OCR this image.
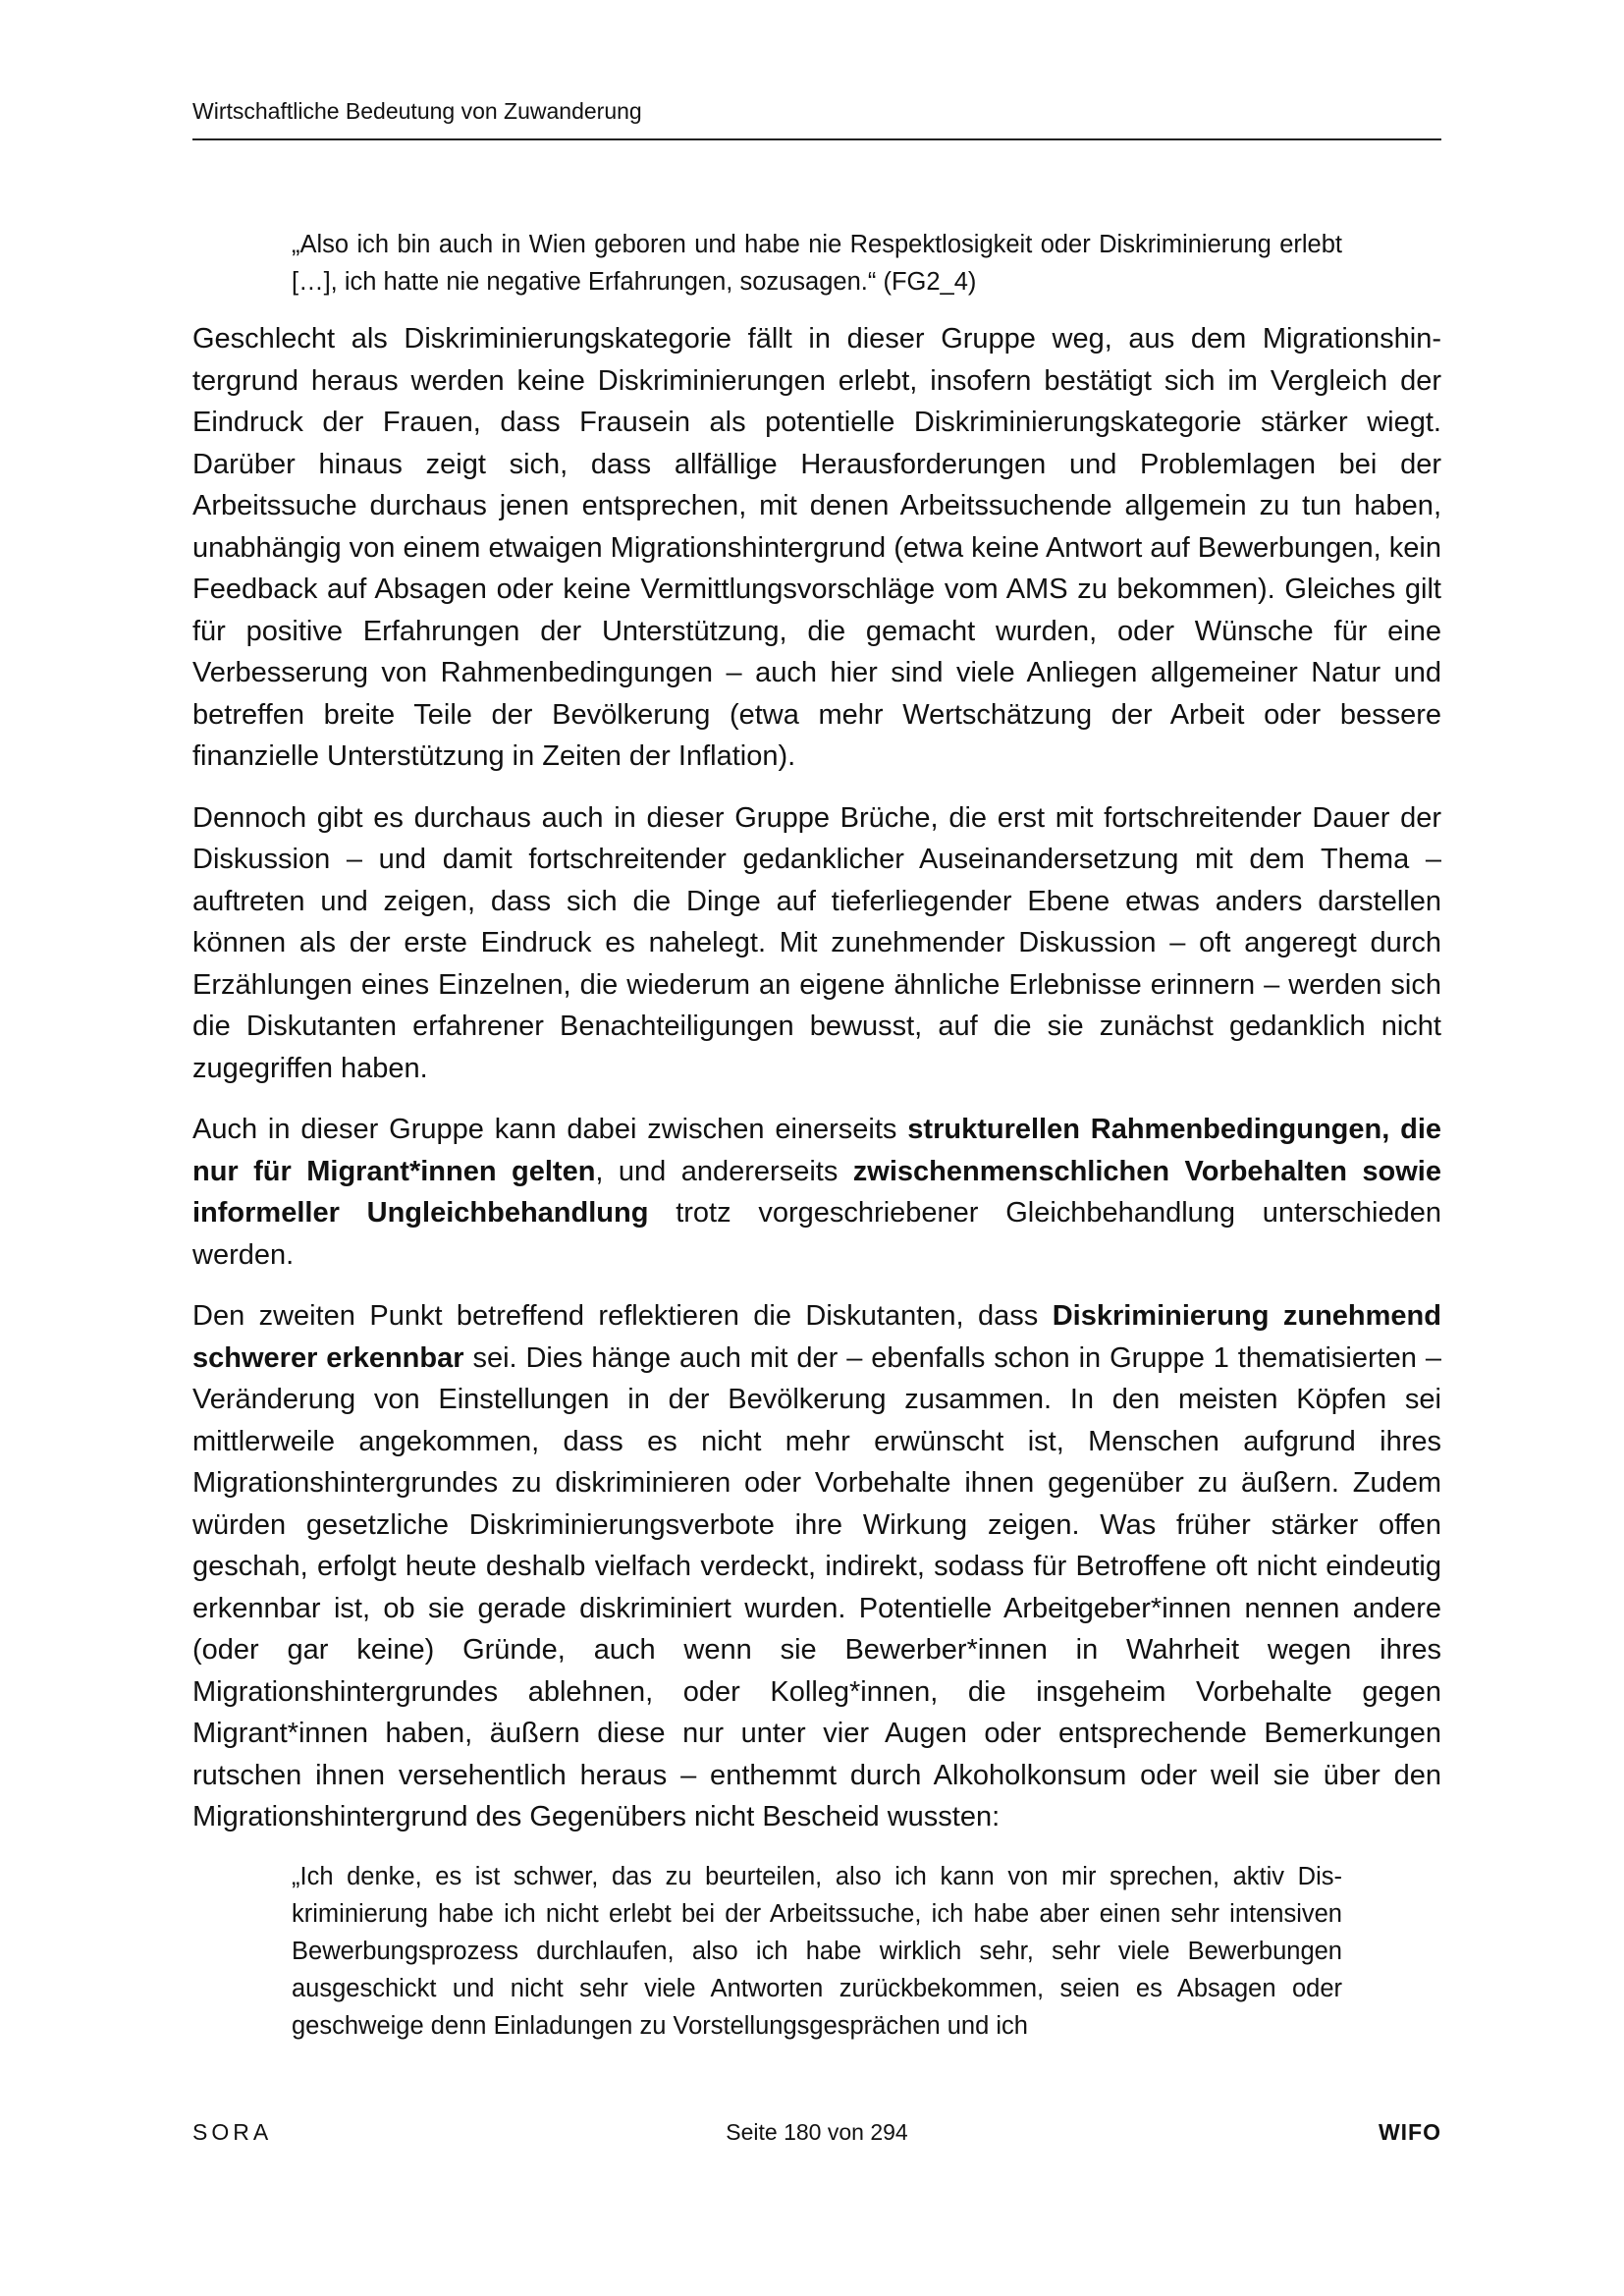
Wirtschaftliche Bedeutung von Zuwanderung
„Also ich bin auch in Wien geboren und habe nie Respektlosigkeit oder Diskriminierung erlebt […], ich hatte nie negative Erfahrungen, sozusagen.“ (FG2_4)

Geschlecht als Diskriminierungskategorie fällt in dieser Gruppe weg, aus dem Migrationshintergrund heraus werden keine Diskriminierungen erlebt, insofern bestätigt sich im Vergleich der Eindruck der Frauen, dass Frausein als potentielle Diskriminierungskategorie stärker wiegt. Darüber hinaus zeigt sich, dass allfällige Herausforderungen und Problemlagen bei der Arbeitssuche durchaus jenen entsprechen, mit denen Arbeitssuchende allgemein zu tun haben, unabhängig von einem etwaigen Migrationshintergrund (etwa keine Antwort auf Bewerbungen, kein Feedback auf Absagen oder keine Vermittlungsvorschläge vom AMS zu bekommen). Gleiches gilt für positive Erfahrungen der Unterstützung, die gemacht wurden, oder Wünsche für eine Verbesserung von Rahmenbedingungen – auch hier sind viele Anliegen allgemeiner Natur und betreffen breite Teile der Bevölkerung (etwa mehr Wertschätzung der Arbeit oder bessere finanzielle Unterstützung in Zeiten der Inflation).

Dennoch gibt es durchaus auch in dieser Gruppe Brüche, die erst mit fortschreitender Dauer der Diskussion – und damit fortschreitender gedanklicher Auseinandersetzung mit dem Thema – auftreten und zeigen, dass sich die Dinge auf tieferliegender Ebene etwas anders darstellen können als der erste Eindruck es nahelegt. Mit zunehmender Diskussion – oft angeregt durch Erzählungen eines Einzelnen, die wiederum an eigene ähnliche Erlebnisse erinnern – werden sich die Diskutanten erfahrener Benachteiligungen bewusst, auf die sie zunächst gedanklich nicht zugegriffen haben.

Auch in dieser Gruppe kann dabei zwischen einerseits strukturellen Rahmenbedingungen, die nur für Migrant*innen gelten, und andererseits zwischenmenschlichen Vorbehalten sowie informeller Ungleichbehandlung trotz vorgeschriebener Gleichbehandlung unterschieden werden.

Den zweiten Punkt betreffend reflektieren die Diskutanten, dass Diskriminierung zunehmend schwerer erkennbar sei. Dies hänge auch mit der – ebenfalls schon in Gruppe 1 thematisierten – Veränderung von Einstellungen in der Bevölkerung zusammen. In den meisten Köpfen sei mittlerweile angekommen, dass es nicht mehr erwünscht ist, Menschen aufgrund ihres Migrationshintergrundes zu diskriminieren oder Vorbehalte ihnen gegenüber zu äußern. Zudem würden gesetzliche Diskriminierungsverbote ihre Wirkung zeigen. Was früher stärker offen geschah, erfolgt heute deshalb vielfach verdeckt, indirekt, sodass für Betroffene oft nicht eindeutig erkennbar ist, ob sie gerade diskriminiert wurden. Potentielle Arbeitgeber*innen nennen andere (oder gar keine) Gründe, auch wenn sie Bewerber*innen in Wahrheit wegen ihres Migrationshintergrundes ablehnen, oder Kolleg*innen, die insgeheim Vorbehalte gegen Migrant*innen haben, äußern diese nur unter vier Augen oder entsprechende Bemerkungen rutschen ihnen versehentlich heraus – enthemmt durch Alkoholkonsum oder weil sie über den Migrationshintergrund des Gegenübers nicht Bescheid wussten:

„Ich denke, es ist schwer, das zu beurteilen, also ich kann von mir sprechen, aktiv Diskriminierung habe ich nicht erlebt bei der Arbeitssuche, ich habe aber einen sehr intensiven Bewerbungsprozess durchlaufen, also ich habe wirklich sehr, sehr viele Bewerbungen ausgeschickt und nicht sehr viele Antworten zurückbekommen, seien es Absagen oder geschweige denn Einladungen zu Vorstellungsgesprächen und ich
SORA	Seite 180 von 294	WIFO
